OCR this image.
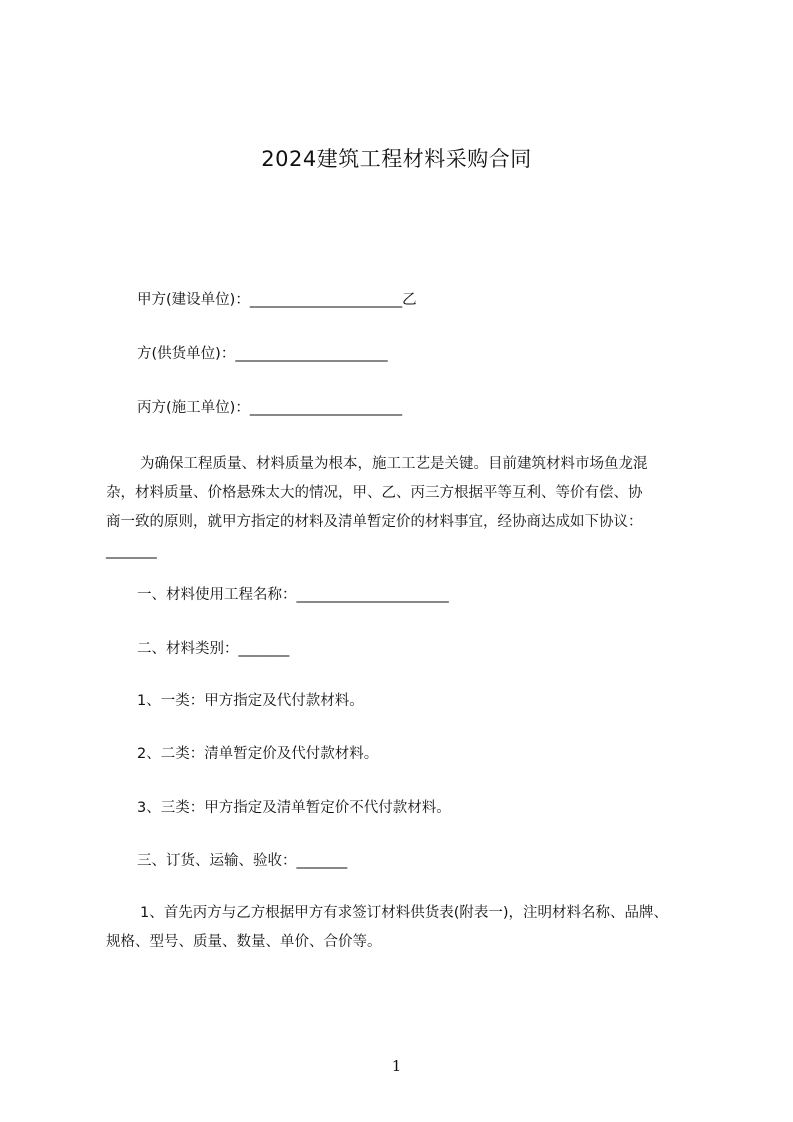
2024建筑工程材料采购合同
甲方(建设单位)：_____________________乙
方(供货单位)：_____________________
丙方(施工单位)：_____________________
为确保工程质量、材料质量为根本，施工工艺是关键。目前建筑材料市场鱼龙混
杂，材料质量、价格悬殊太大的情况，甲、乙、丙三方根据平等互利、等价有偿、协
商一致的原则，就甲方指定的材料及清单暂定价的材料事宜，经协商达成如下协议：
_______
一、材料使用工程名称：_____________________
二、材料类别：_______
1、一类：甲方指定及代付款材料。
2、二类：清单暂定价及代付款材料。
3、三类：甲方指定及清单暂定价不代付款材料。
三、订货、运输、验收：_______
1、首先丙方与乙方根据甲方有求签订材料供货表(附表一)，注明材料名称、品牌、
规格、型号、质量、数量、单价、合价等。
1
